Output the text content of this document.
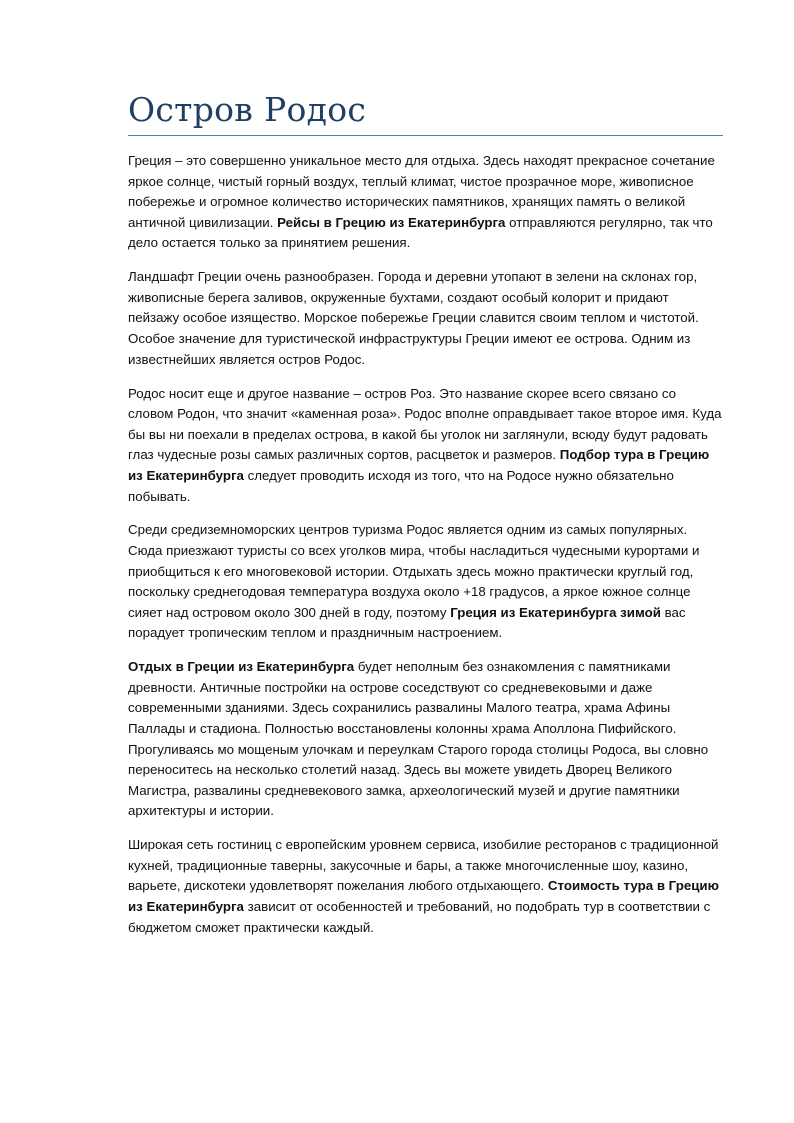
Остров Родос

Греция – это совершенно уникальное место для отдыха. Здесь находят прекрасное сочетание яркое солнце, чистый горный воздух, теплый климат, чистое прозрачное море, живописное побережье и огромное количество исторических памятников, хранящих память о великой античной цивилизации. Рейсы в Грецию из Екатеринбурга отправляются регулярно, так что дело остается только за принятием решения.

Ландшафт Греции очень разнообразен. Города и деревни утопают в зелени на склонах гор, живописные берега заливов, окруженные бухтами, создают особый колорит и придают пейзажу особое изящество. Морское побережье Греции славится своим теплом и чистотой. Особое значение для туристической инфраструктуры Греции имеют ее острова. Одним из известнейших является остров Родос.

Родос носит еще и другое название – остров Роз. Это название скорее всего связано со словом Родон, что значит «каменная роза». Родос вполне оправдывает такое второе имя. Куда бы вы ни поехали в пределах острова, в какой бы уголок ни заглянули, всюду будут радовать глаз чудесные розы самых различных сортов, расцветок и размеров. Подбор тура в Грецию из Екатеринбурга следует проводить исходя из того, что на Родосе нужно обязательно побывать.

Среди средиземноморских центров туризма Родос является одним из самых популярных. Сюда приезжают туристы со всех уголков мира, чтобы насладиться чудесными курортами и приобщиться к его многовековой истории. Отдыхать здесь можно практически круглый год, поскольку среднегодовая температура воздуха около +18 градусов, а яркое южное солнце сияет над островом около 300 дней в году, поэтому Греция из Екатеринбурга зимой вас порадует тропическим теплом и праздничным настроением.

Отдых в Греции из Екатеринбурга будет неполным без ознакомления с памятниками древности. Античные постройки на острове соседствуют со средневековыми и даже современными зданиями. Здесь сохранились развалины Малого театра, храма Афины Паллады и стадиона. Полностью восстановлены колонны храма Аполлона Пифийского. Прогуливаясь мо мощеным улочкам и переулкам Старого города столицы Родоса, вы словно переноситесь на несколько столетий назад. Здесь вы можете увидеть Дворец Великого Магистра, развалины средневекового замка, археологический музей и другие памятники архитектуры и истории.

Широкая сеть гостиниц с европейским уровнем сервиса, изобилие ресторанов с традиционной кухней, традиционные таверны, закусочные и бары, а также многочисленные шоу, казино, варьете, дискотеки удовлетворят пожелания любого отдыхающего. Стоимость тура в Грецию из Екатеринбурга зависит от особенностей и требований, но подобрать тур в соответствии с бюджетом сможет практически каждый.
